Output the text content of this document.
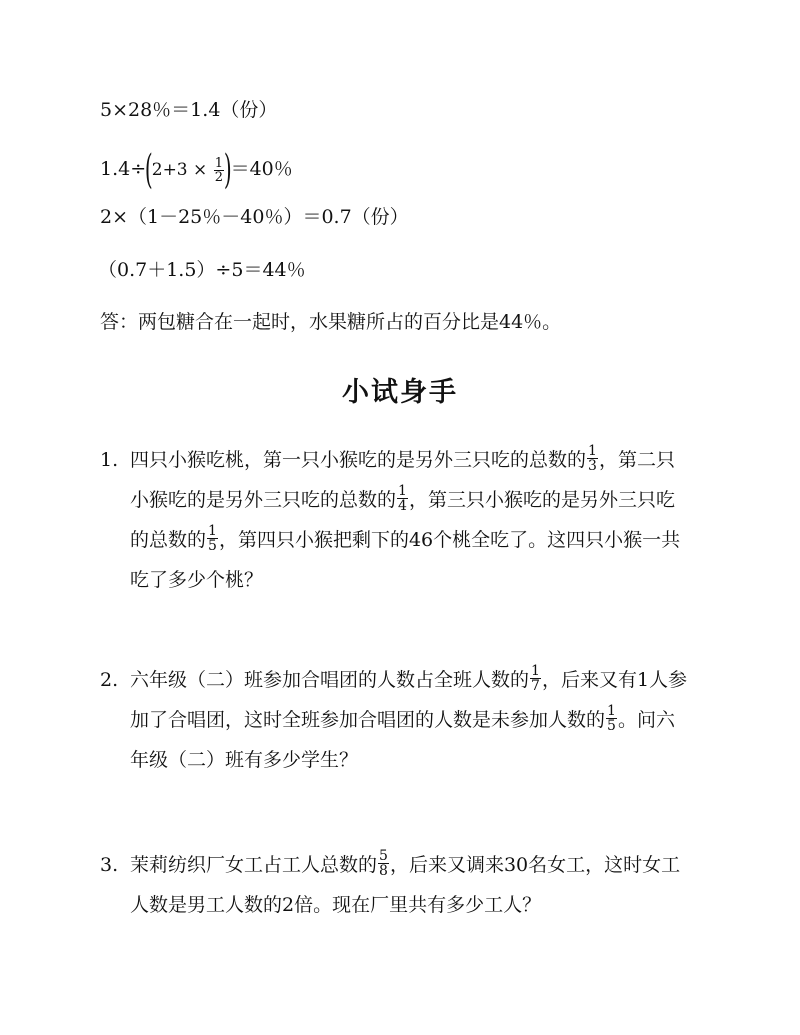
5×28％＝1.4（份）
$1.4\div(2+3 \times \frac{1}{2} )=40$％
2×（1－25％－40％）＝0.7（份）
（0.7＋1.5）÷5＝44％
答：两包糖合在一起时，水果糖所占的百分比是44％。
小试身手
1. 四只小猴吃桃，第一只小猴吃的是另外三只吃的总数的 $\frac{1}{3}$ ，第二只
小猴吃的是另外三只吃的总数的 $\frac{1}{4}$ ，第三只小猴吃的是另外三只吃
的总数的 $\frac{1}{5}$ ，第四只小猴把剩下的46个桃全吃了。这四只小猴一共
吃了多少个桃？
2. 六年级（二）班参加合唱团的人数占全班人数的 $\frac{1}{7}$ ，后来又有1人参
加了合唱团，这时全班参加合唱团的人数是未参加人数的 $\frac{1}{5}$ 。问六
年级（二）班有多少学生？
3. 茉莉纺织厂女工占工人总数的 $\frac{5}{8}$ ，后来又调来30名女工，这时女工
人数是男工人数的2倍。现在厂里共有多少工人？
